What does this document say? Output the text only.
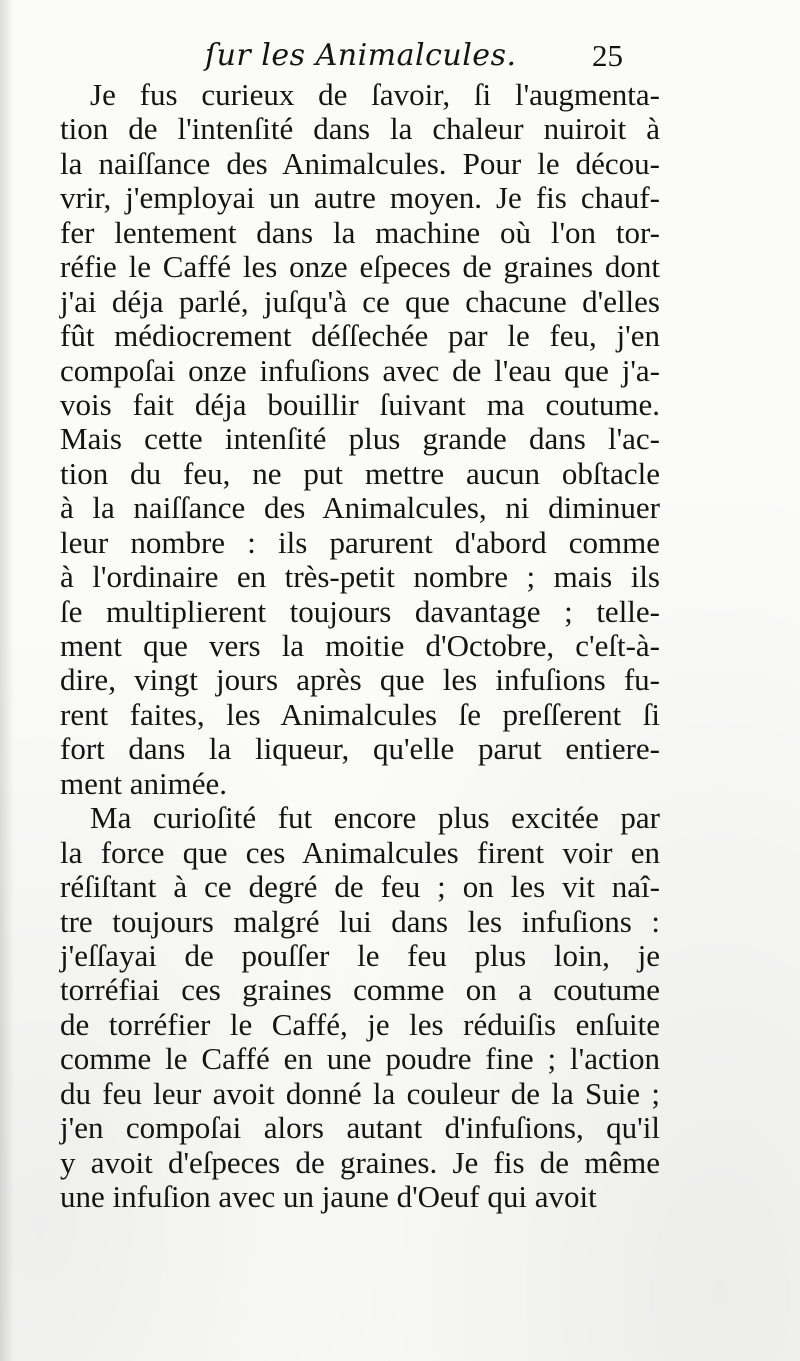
ſur les Animalcules. 25
Je fus curieux de ſavoir, ſi l'augmenta-
tion de l'intenſité dans la chaleur nuiroit à
la naiſſance des Animalcules. Pour le décou-
vrir, j'employai un autre moyen. Je fis chauf-
fer lentement dans la machine où l'on tor-
réfie le Caffé les onze eſpeces de graines dont
j'ai déja parlé, juſqu'à ce que chacune d'elles
fût médiocrement déſſechée par le feu, j'en
compoſai onze infuſions avec de l'eau que j'a-
vois fait déja bouillir ſuivant ma coutume.
Mais cette intenſité plus grande dans l'ac-
tion du feu, ne put mettre aucun obſtacle
à la naiſſance des Animalcules, ni diminuer
leur nombre : ils parurent d'abord comme
à l'ordinaire en très-petit nombre ; mais ils
ſe multiplierent toujours davantage ; telle-
ment que vers la moitie d'Octobre, c'eſt-à-
dire, vingt jours après que les infuſions fu-
rent faites, les Animalcules ſe preſſerent ſi
fort dans la liqueur, qu'elle parut entiere-
ment animée.
Ma curioſité fut encore plus excitée par
la force que ces Animalcules firent voir en
réſiſtant à ce degré de feu ; on les vit naî-
tre toujours malgré lui dans les infuſions :
j'eſſayai de pouſſer le feu plus loin, je
torréfiai ces graines comme on a coutume
de torréfier le Caffé, je les réduiſis enſuite
comme le Caffé en une poudre fine ; l'action
du feu leur avoit donné la couleur de la Suie ;
j'en compoſai alors autant d'infuſions, qu'il
y avoit d'eſpeces de graines. Je fis de même
une infuſion avec un jaune d'Oeuf qui avoit
